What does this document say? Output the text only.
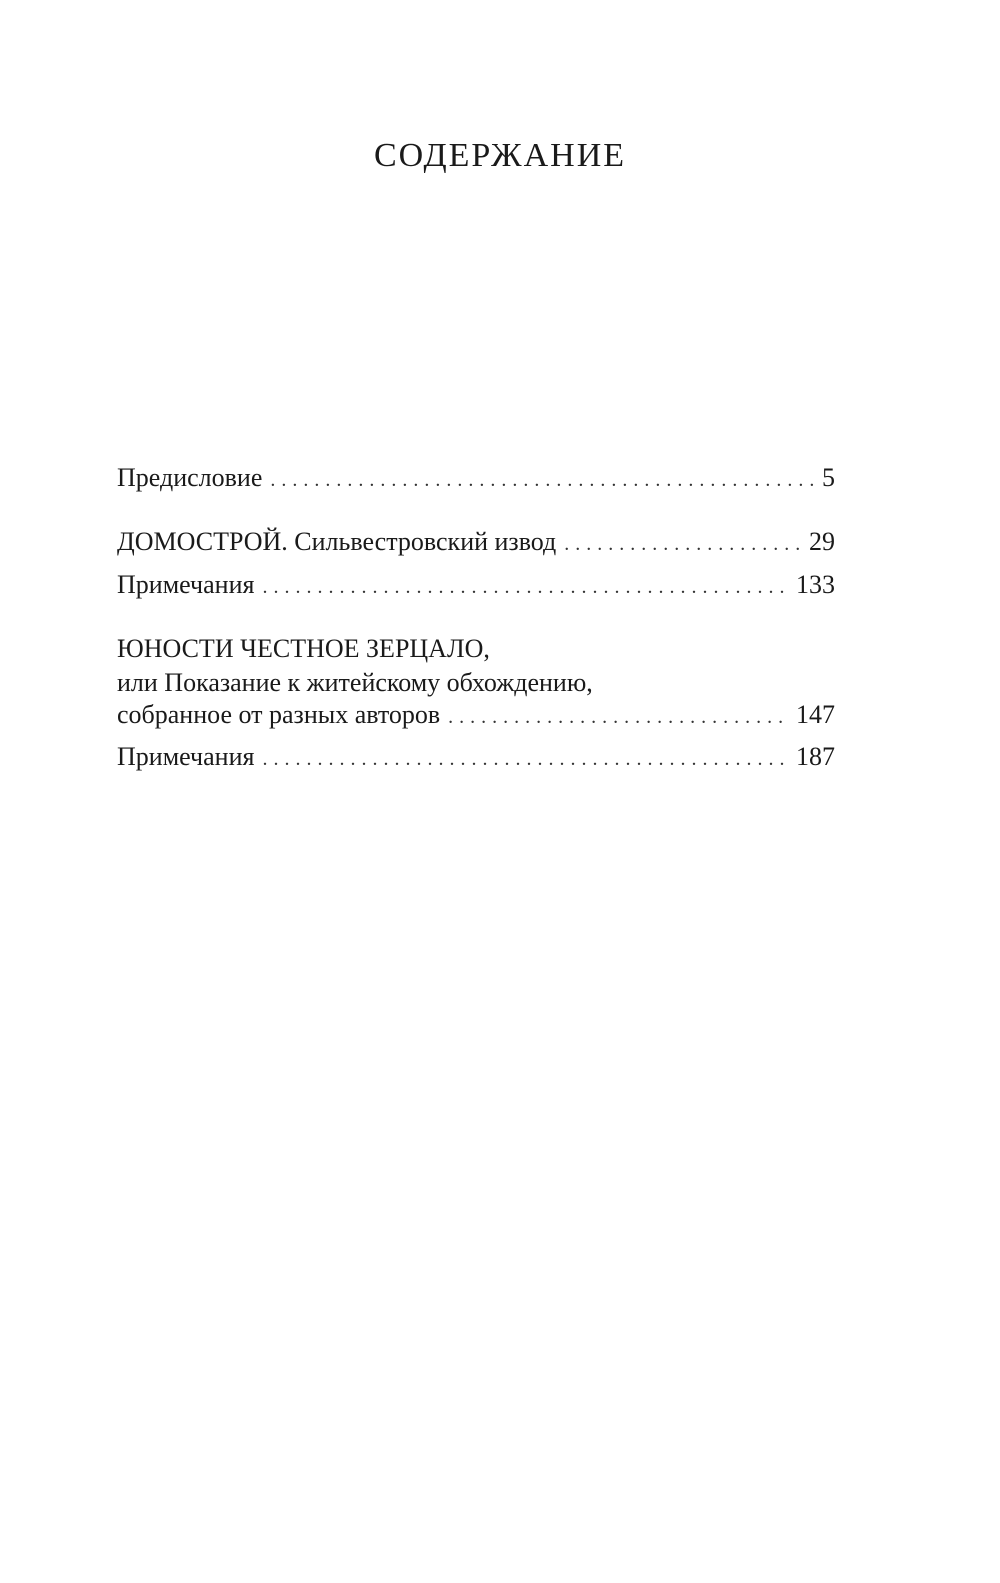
СОДЕРЖАНИЕ
Предисловие . . .	5
ДОМОСТРОЙ. Сильвестровский извод . . .	29
Примечания . . .	133
ЮНОСТИ ЧЕСТНОЕ ЗЕРЦАЛО,
или Показание к житейскому обхождению,
собранное от разных авторов . . .	147
Примечания . . .	187
